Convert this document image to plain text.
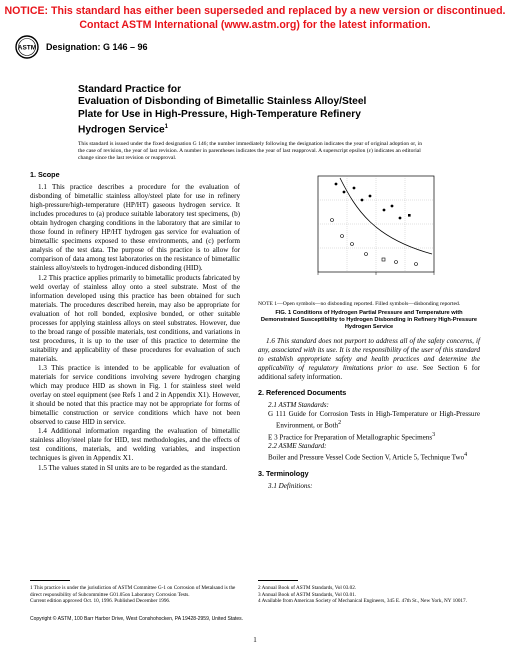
NOTICE: This standard has either been superseded and replaced by a new version or discontinued.
Contact ASTM International (www.astm.org) for the latest information.
ASTM Designation: G 146 – 96
Standard Practice for
Evaluation of Disbonding of Bimetallic Stainless Alloy/Steel
Plate for Use in High-Pressure, High-Temperature Refinery
Hydrogen Service$^1$
This standard is issued under the fixed designation G 146; the number immediately following the designation indicates the year of original adoption or, in the case of revision, the year of last revision. A number in parentheses indicates the year of last reapproval. A superscript epsilon (ε) indicates an editorial change since the last revision or reapproval.
1. Scope

1.1 This practice describes a procedure for the evaluation of disbonding of bimetallic stainless alloy/steel plate for use in refinery high-pressure/high-temperature (HP/HT) gaseous hydrogen service. It includes procedures to (a) produce suitable laboratory test specimens, (b) obtain hydrogen charging conditions in the laboratory that are similar to those found in refinery HP/HT hydrogen gas service for evaluation of bimetallic specimens exposed to these environments, and (c) perform analysis of the test data. The purpose of this practice is to allow for comparison of data among test laboratories on the resistance of bimetallic stainless alloy/steels to hydrogen-induced disbonding (HID).

1.2 This practice applies primarily to bimetallic products fabricated by weld overlay of stainless alloy onto a steel substrate. Most of the information developed using this practice has been obtained for such materials. The procedures described herein, may also be appropriate for evaluation of hot roll bonded, explosive bonded, or other suitable processes for applying stainless alloys on steel substrates. However, due to the broad range of possible materials, test conditions, and variations in test procedures, it is up to the user of this practice to determine the suitability and applicability of these procedures for evaluation of such materials.

1.3 This practice is intended to be applicable for evaluation of materials for service conditions involving severe hydrogen charging which may produce HID as shown in Fig. 1 for stainless steel weld overlay on steel equipment (see Refs 1 and 2 in Appendix X1). However, it should be noted that this practice may not be appropriate for forms of bimetallic construction or service conditions which have not been observed to cause HID in service.

1.4 Additional information regarding the evaluation of bimetallic stainless alloy/steel plate for HID, test methodologies, and the effects of test conditions, materials, and welding variables, and inspection techniques is given in Appendix X1.

1.5 The values stated in SI units are to be regarded as the standard.

NOTE 1—Open symbols—no disbonding reported. Filled symbols—disbonding reported.
FIG. 1 Conditions of Hydrogen Partial Pressure and Temperature with Demonstrated Susceptibility to Hydrogen Disbonding in Refinery High-Pressure Hydrogen Service

1.6 This standard does not purport to address all of the safety concerns, if any, associated with its use. It is the responsibility of the user of this standard to establish appropriate safety and health practices and determine the applicability of regulatory limitations prior to use. See Section 6 for additional safety information.

2. Referenced Documents

2.1 ASTM Standards:

G 111 Guide for Corrosion Tests in High-Temperature or High-Pressure Environment, or Both$^2$

E 3 Practice for Preparation of Metallographic Specimens$^3$

2.2 ASME Standard:

Boiler and Pressure Vessel Code Section V, Article 5, Technique Two$^4$

3. Terminology

3.1 Definitions:

1 This practice is under the jurisdiction of ASTM Committee G-1 on Corrosion of Metalsand is the direct responsibility of Subcommittee G01.05on Laboratory Corrosion Tests.
Current edition approved Oct. 10, 1996. Published December 1996.
2 Annual Book of ASTM Standards, Vol 03.02.
3 Annual Book of ASTM Standards, Vol 03.01.
4 Available from American Society of Mechanical Engineers, 345 E. 47th St., New York, NY 10017.
Copyright © ASTM, 100 Barr Harbor Drive, West Conshohocken, PA 19428-2959, United States.
1
